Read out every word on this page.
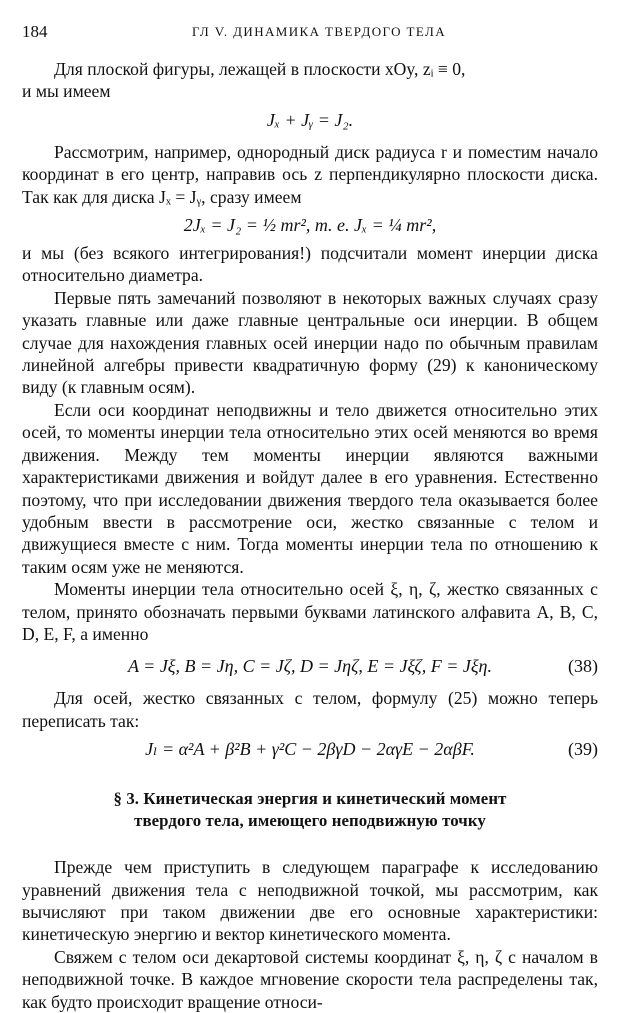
184	ГЛ V. ДИНАМИКА ТВЕРДОГО ТЕЛА

Для плоской фигуры, лежащей в плоскости xOy, zᵢ ≡ 0,

и мы имеем

Jₓ + Jᵧ = J₂.

Рассмотрим, например, однородный диск радиуса r и поместим начало координат в его центр, направив ось z перпендикулярно плоскости диска. Так как для диска Jₓ = Jᵧ, сразу имеем

2Jₓ = J₂ = ½ mr², т. е. Jₓ = ¼ mr²,

и мы (без всякого интегрирования!) подсчитали момент инерции диска относительно диаметра.

Первые пять замечаний позволяют в некоторых важных случаях сразу указать главные или даже главные центральные оси инерции. В общем случае для нахождения главных осей инерции надо по обычным правилам линейной алгебры привести квадратичную форму (29) к каноническому виду (к главным осям).

Если оси координат неподвижны и тело движется относительно этих осей, то моменты инерции тела относительно этих осей меняются во время движения. Между тем моменты инерции являются важными характеристиками движения и войдут далее в его уравнения. Естественно поэтому, что при исследовании движения твердого тела оказывается более удобным ввести в рассмотрение оси, жестко связанные с телом и движущиеся вместе с ним. Тогда моменты инерции тела по отношению к таким осям уже не меняются.

Моменты инерции тела относительно осей ξ, η, ζ, жестко связанных с телом, принято обозначать первыми буквами латинского алфавита A, B, C, D, E, F, а именно

A = Jξ, B = Jη, C = Jζ, D = Jηζ, E = Jξζ, F = Jξη.	(38)

Для осей, жестко связанных с телом, формулу (25) можно теперь переписать так:

Jₗ = α²A + β²B + γ²C − 2βγD − 2αγE − 2αβF.	(39)
§ 3. Кинетическая энергия и кинетический момент
твердого тела, имеющего неподвижную точку

Прежде чем приступить в следующем параграфе к исследованию уравнений движения тела с неподвижной точкой, мы рассмотрим, как вычисляют при таком движении две его основные характеристики: кинетическую энергию и вектор кинетического момента.

Свяжем с телом оси декартовой системы координат ξ, η, ζ с началом в неподвижной точке. В каждое мгновение скорости тела распределены так, как будто происходит вращение относи-
